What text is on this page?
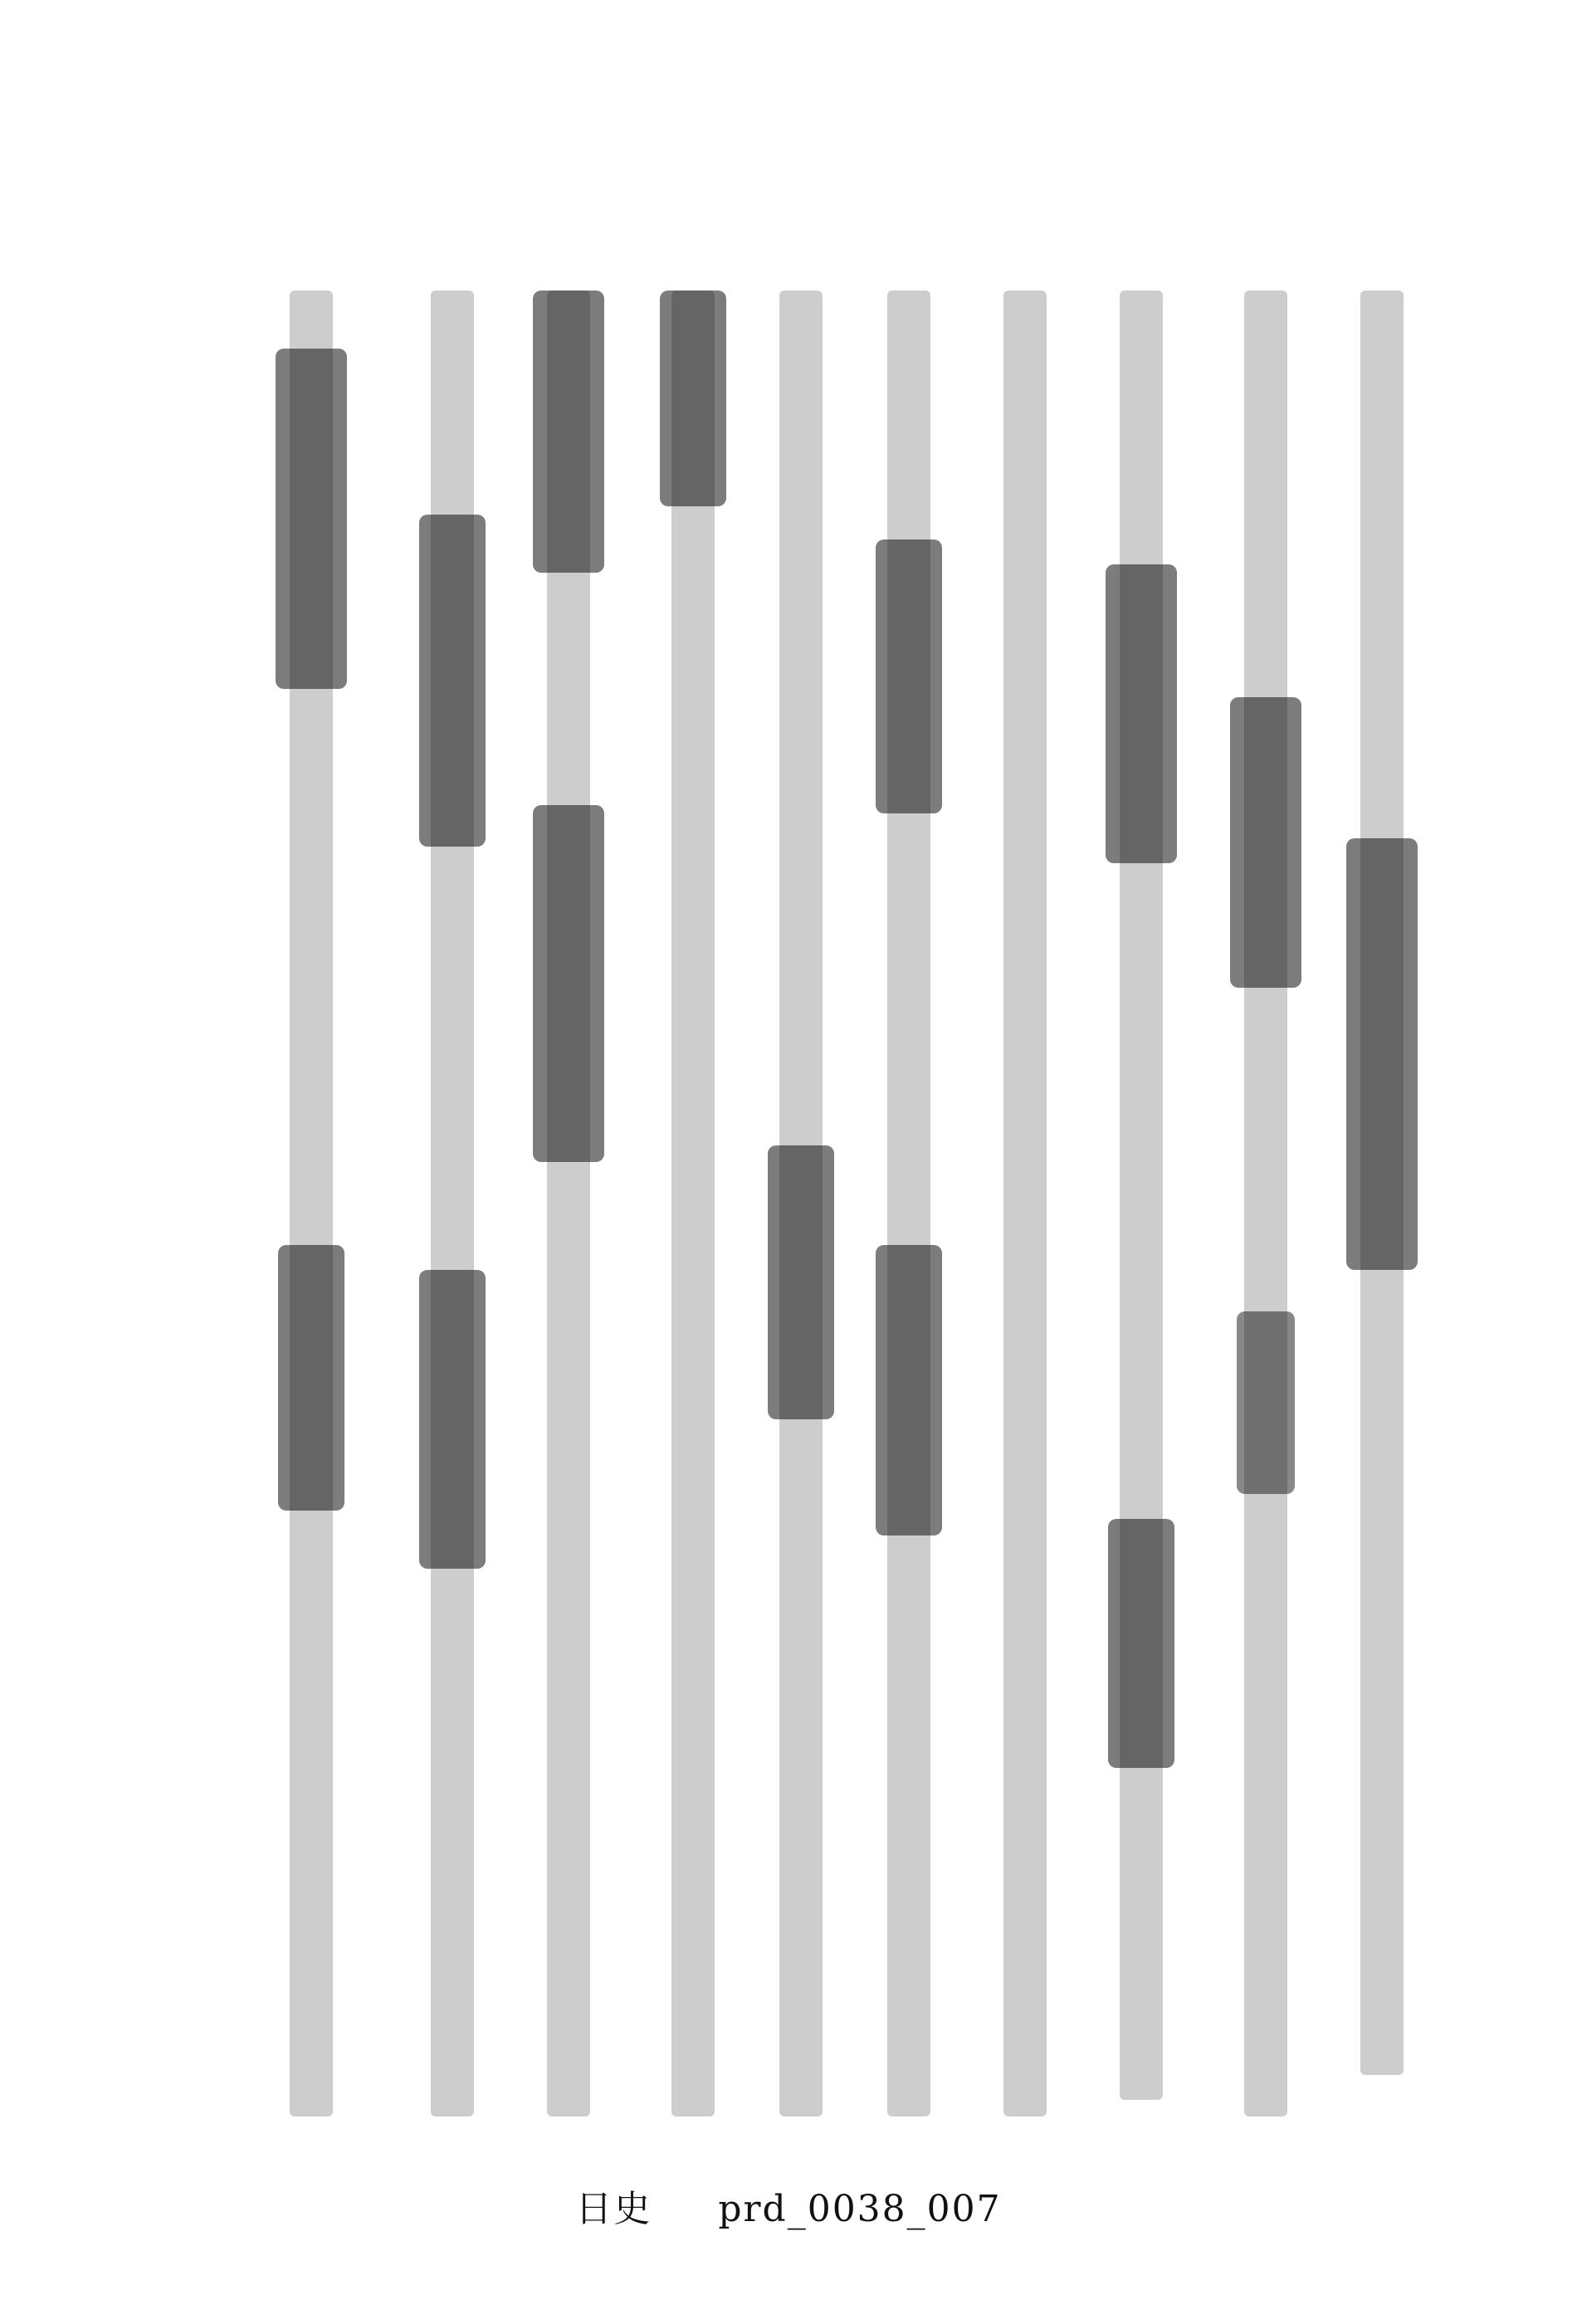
日史 prd_0038_007
